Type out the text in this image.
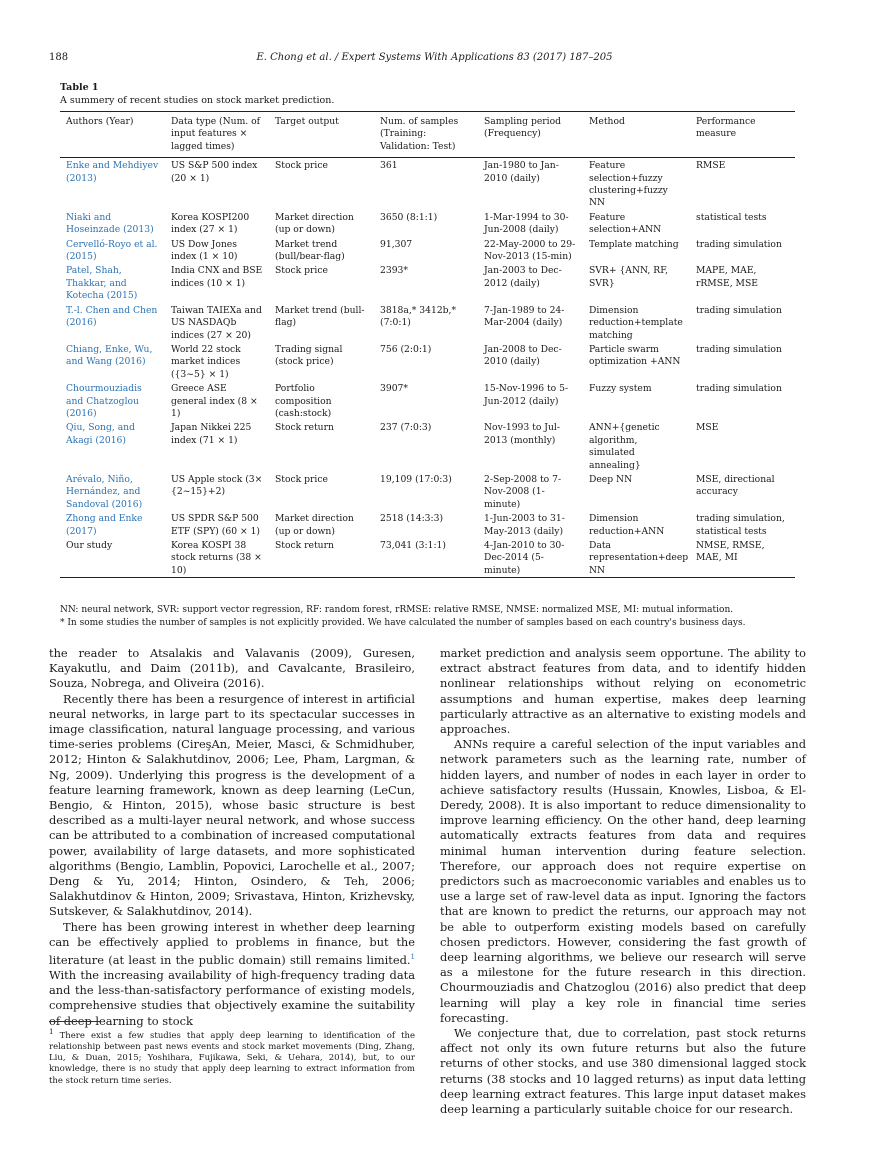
188	E. Chong et al. / Expert Systems With Applications 83 (2017) 187–205
Table 1
A summery of recent studies on stock market prediction.
Authors (Year)	Data type (Num. of input features × lagged times)	Target output	Num. of samples (Training: Validation: Test)	Sampling period (Frequency)	Method	Performance measure
Enke and Mehdiyev (2013)	US S&P 500 index (20 × 1)	Stock price	361	Jan-1980 to Jan-2010 (daily)	Feature selection+fuzzy clustering+fuzzy NN	RMSE
Niaki and Hoseinzade (2013)	Korea KOSPI200 index (27 × 1)	Market direction (up or down)	3650 (8:1:1)	1-Mar-1994 to 30-Jun-2008 (daily)	Feature selection+ANN	statistical tests
Cervelló-Royo et al. (2015)	US Dow Jones index (1 × 10)	Market trend (bull/bear-flag)	91,307	22-May-2000 to 29-Nov-2013 (15-min)	Template matching	trading simulation
Patel, Shah, Thakkar, and Kotecha (2015)	India CNX and BSE indices (10 × 1)	Stock price	2393*	Jan-2003 to Dec-2012 (daily)	SVR+ {ANN, RF, SVR}	MAPE, MAE, rRMSE, MSE
T.-l. Chen and Chen (2016)	Taiwan TAIEXa and US NASDAQb indices (27 × 20)	Market trend (bull-flag)	3818a,* 3412b,* (7:0:1)	7-Jan-1989 to 24-Mar-2004 (daily)	Dimension reduction+template matching	trading simulation
Chiang, Enke, Wu, and Wang (2016)	World 22 stock market indices ({3~5} × 1)	Trading signal (stock price)	756 (2:0:1)	Jan-2008 to Dec-2010 (daily)	Particle swarm optimization +ANN	trading simulation
Chourmouziadis and Chatzoglou (2016)	Greece ASE general index (8 × 1)	Portfolio composition (cash:stock)	3907*	15-Nov-1996 to 5-Jun-2012 (daily)	Fuzzy system	trading simulation
Qiu, Song, and Akagi (2016)	Japan Nikkei 225 index (71 × 1)	Stock return	237 (7:0:3)	Nov-1993 to Jul-2013 (monthly)	ANN+{genetic algorithm, simulated annealing}	MSE
Arévalo, Niño, Hernández, and Sandoval (2016)	US Apple stock (3× {2~15}+2)	Stock price	19,109 (17:0:3)	2-Sep-2008 to 7-Nov-2008 (1-minute)	Deep NN	MSE, directional accuracy
Zhong and Enke (2017)	US SPDR S&P 500 ETF (SPY) (60 × 1)	Market direction (up or down)	2518 (14:3:3)	1-Jun-2003 to 31-May-2013 (daily)	Dimension reduction+ANN	trading simulation, statistical tests
Our study	Korea KOSPI 38 stock returns (38 × 10)	Stock return	73,041 (3:1:1)	4-Jan-2010 to 30-Dec-2014 (5-minute)	Data representation+deep NN	NMSE, RMSE, MAE, MI
NN: neural network, SVR: support vector regression, RF: random forest, rRMSE: relative RMSE, NMSE: normalized MSE, MI: mutual information.
* In some studies the number of samples is not explicitly provided. We have calculated the number of samples based on each country's business days.

the reader to Atsalakis and Valavanis (2009), Guresen, Kayakutlu, and Daim (2011b), and Cavalcante, Brasileiro, Souza, Nobrega, and Oliveira (2016).

Recently there has been a resurgence of interest in artificial neural networks, in large part to its spectacular successes in image classification, natural language processing, and various time-series problems (CireşAn, Meier, Masci, & Schmidhuber, 2012; Hinton & Salakhutdinov, 2006; Lee, Pham, Largman, & Ng, 2009). Underlying this progress is the development of a feature learning framework, known as deep learning (LeCun, Bengio, & Hinton, 2015), whose basic structure is best described as a multi-layer neural network, and whose success can be attributed to a combination of increased computational power, availability of large datasets, and more sophisticated algorithms (Bengio, Lamblin, Popovici, Larochelle et al., 2007; Deng & Yu, 2014; Hinton, Osindero, & Teh, 2006; Salakhutdinov & Hinton, 2009; Srivastava, Hinton, Krizhevsky, Sutskever, & Salakhutdinov, 2014).

There has been growing interest in whether deep learning can be effectively applied to problems in finance, but the literature (at least in the public domain) still remains limited.$^1$ With the increasing availability of high-frequency trading data and the less-than-satisfactory performance of existing models, comprehensive studies that objectively examine the suitability of deep learning to stock

market prediction and analysis seem opportune. The ability to extract abstract features from data, and to identify hidden nonlinear relationships without relying on econometric assumptions and human expertise, makes deep learning particularly attractive as an alternative to existing models and approaches.

ANNs require a careful selection of the input variables and network parameters such as the learning rate, number of hidden layers, and number of nodes in each layer in order to achieve satisfactory results (Hussain, Knowles, Lisboa, & El-Deredy, 2008). It is also important to reduce dimensionality to improve learning efficiency. On the other hand, deep learning automatically extracts features from data and requires minimal human intervention during feature selection. Therefore, our approach does not require expertise on predictors such as macroeconomic variables and enables us to use a large set of raw-level data as input. Ignoring the factors that are known to predict the returns, our approach may not be able to outperform existing models based on carefully chosen predictors. However, considering the fast growth of deep learning algorithms, we believe our research will serve as a milestone for the future research in this direction. Chourmouziadis and Chatzoglou (2016) also predict that deep learning will play a key role in financial time series forecasting.

We conjecture that, due to correlation, past stock returns affect not only its own future returns but also the future returns of other stocks, and use 380 dimensional lagged stock returns (38 stocks and 10 lagged returns) as input data letting deep learning extract features. This large input dataset makes deep learning a particularly suitable choice for our research.

$^1$ There exist a few studies that apply deep learning to identification of the relationship between past news events and stock market movements (Ding, Zhang, Liu, & Duan, 2015; Yoshihara, Fujikawa, Seki, & Uehara, 2014), but, to our knowledge, there is no study that apply deep learning to extract information from the stock return time series.
